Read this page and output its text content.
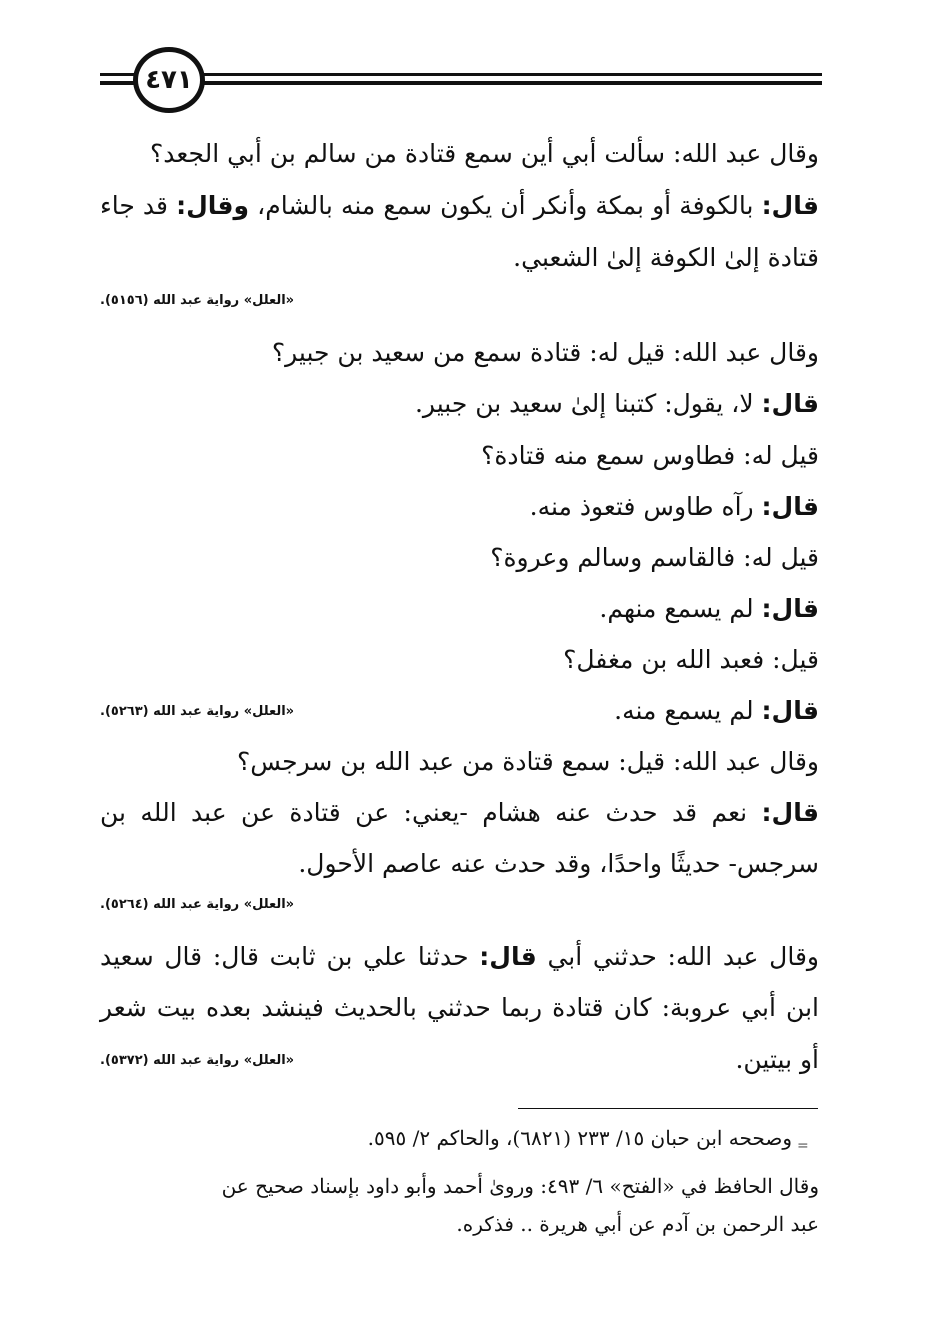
٤٧١
وقال عبد الله: سألت أبي أين سمع قتادة من سالم بن أبي الجعد؟
قال: بالكوفة أو بمكة وأنكر أن يكون سمع منه بالشام، وقال: قد جاء
قتادة إلىٰ الكوفة إلىٰ الشعبي.
«العلل» رواية عبد الله (٥١٥٦).
وقال عبد الله: قيل له: قتادة سمع من سعيد بن جبير؟
قال: لا، يقول: كتبنا إلىٰ سعيد بن جبير.
قيل له: فطاوس سمع منه قتادة؟
قال: رآه طاوس فتعوذ منه.
قيل له: فالقاسم وسالم وعروة؟
قال: لم يسمع منهم.
قيل: فعبد الله بن مغفل؟
قال: لم يسمع منه.
«العلل» رواية عبد الله (٥٢٦٣).
وقال عبد الله: قيل: سمع قتادة من عبد الله بن سرجس؟
قال: نعم قد حدث عنه هشام -يعني: عن قتادة عن عبد الله بن
سرجس- حديثًا واحدًا، وقد حدث عنه عاصم الأحول.
«العلل» رواية عبد الله (٥٢٦٤).
وقال عبد الله: حدثني أبي قال: حدثنا علي بن ثابت قال: قال سعيد
ابن أبي عروبة: كان قتادة ربما حدثني بالحديث فينشد بعده بيت شعر
أو بيتين.
«العلل» رواية عبد الله (٥٣٧٢).
=
وصححه ابن حبان ١٥/ ٢٣٣ (٦٨٢١)، والحاكم ٢/ ٥٩٥.
وقال الحافظ في «الفتح» ٦/ ٤٩٣: وروىٰ أحمد وأبو داود بإسناد صحيح عن
عبد الرحمن بن آدم عن أبي هريرة .. فذكره.
